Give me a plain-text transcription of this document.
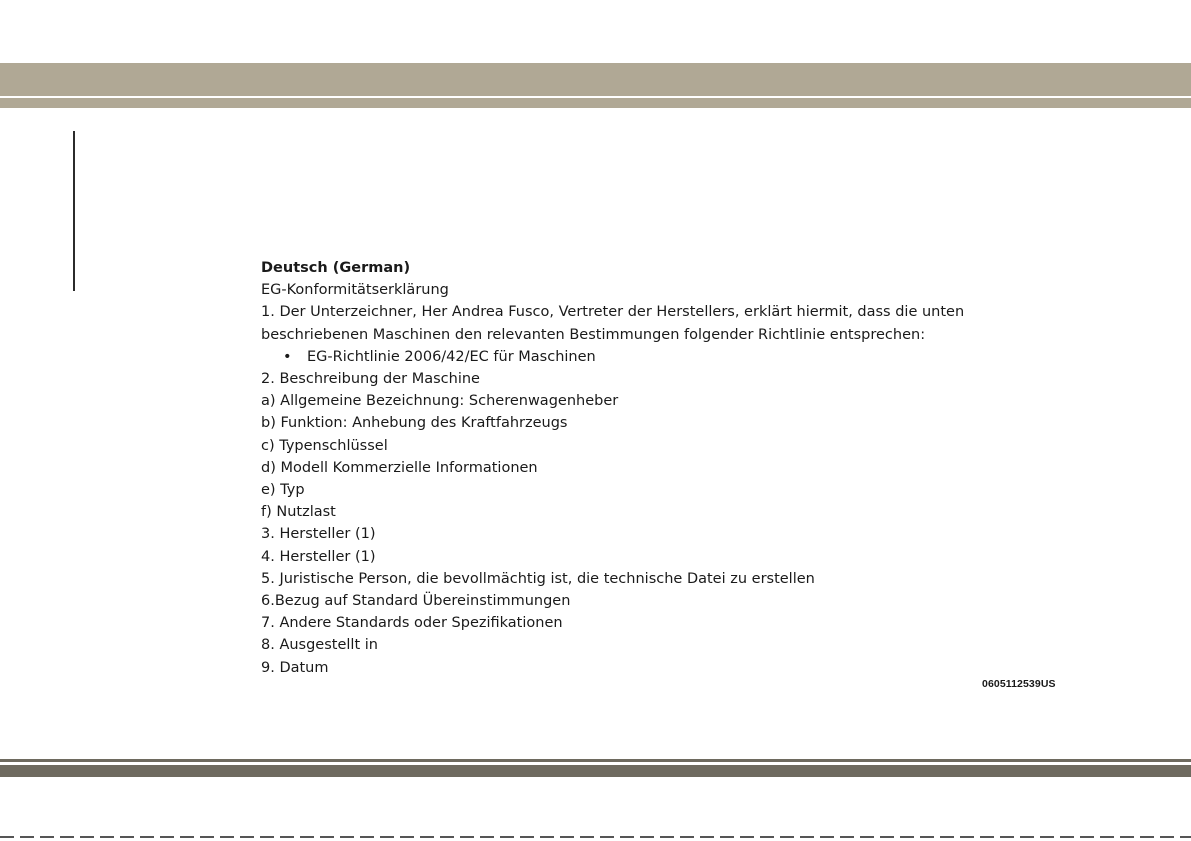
Deutsch (German)
EG-Konformitätserklärung
1. Der Unterzeichner, Her Andrea Fusco, Vertreter der Herstellers, erklärt hiermit, dass die unten
beschriebenen Maschinen den relevanten Bestimmungen folgender Richtlinie entsprechen:
• EG-Richtlinie 2006/42/EC für Maschinen
2. Beschreibung der Maschine
a) Allgemeine Bezeichnung: Scherenwagenheber
b) Funktion: Anhebung des Kraftfahrzeugs
c) Typenschlüssel
d) Modell Kommerzielle Informationen
e) Typ
f) Nutzlast
3. Hersteller (1)
4. Hersteller (1)
5. Juristische Person, die bevollmächtig ist, die technische Datei zu erstellen
6.Bezug auf Standard Übereinstimmungen
7. Andere Standards oder Spezifikationen
8. Ausgestellt in
9. Datum
0605112539US
